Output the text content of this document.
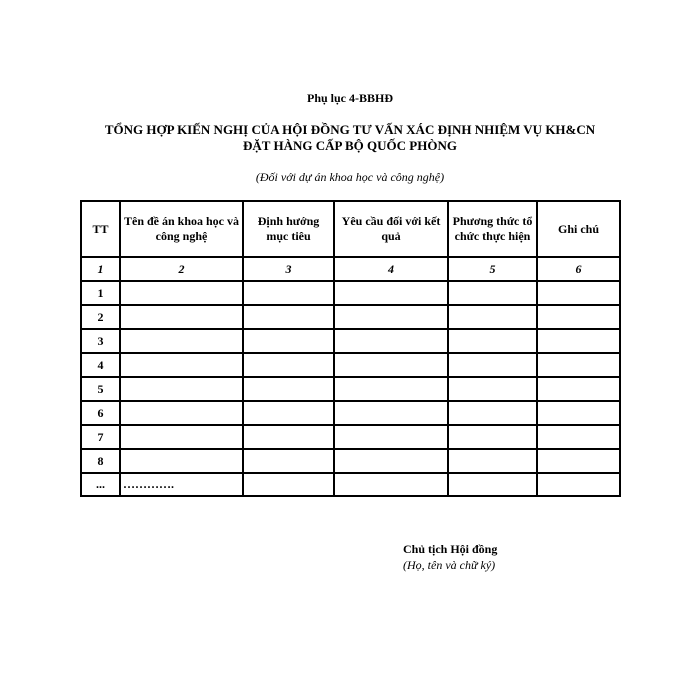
Phụ lục 4-BBHĐ
TỔNG HỢP KIẾN NGHỊ CỦA HỘI ĐỒNG TƯ VẤN XÁC ĐỊNH NHIỆM VỤ KH&CN
ĐẶT HÀNG CẤP BỘ QUỐC PHÒNG
(Đối với dự án khoa học và công nghệ)
TT	Tên đề án khoa học và công nghệ	Định hướng mục tiêu	Yêu cầu đối với kết quả	Phương thức tổ chức thực hiện	Ghi chú
1	2	3	4	5	6
1					
2					
3					
4					
5					
6					
7					
8					
...	………….				
Chủ tịch Hội đồng
(Họ, tên và chữ ký)
